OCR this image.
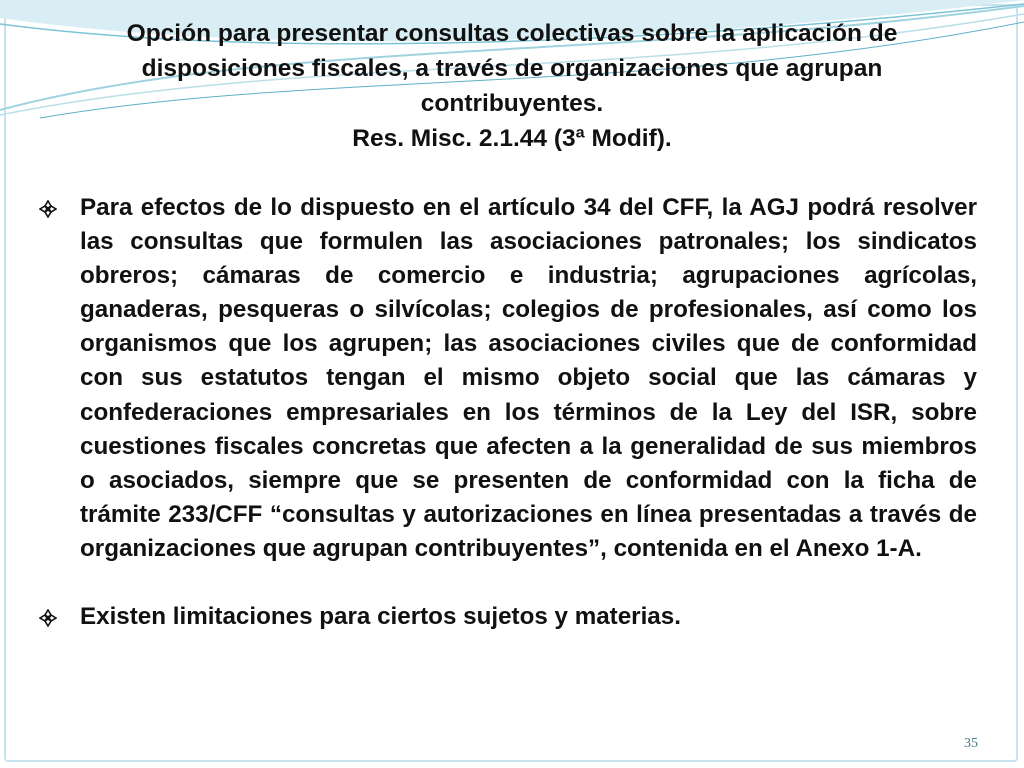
Opción para presentar consultas colectivas sobre la aplicación de
disposiciones fiscales, a través de organizaciones que agrupan
contribuyentes.
Res. Misc. 2.1.44 (3ª Modif).
Para efectos de lo dispuesto en el artículo 34 del CFF, la AGJ podrá resolver las consultas que formulen las asociaciones patronales; los sindicatos obreros; cámaras de comercio e industria; agrupaciones agrícolas, ganaderas, pesqueras o silvícolas; colegios de profesionales, así como los organismos que los agrupen; las asociaciones civiles que de conformidad con sus estatutos tengan el mismo objeto social que las cámaras y confederaciones empresariales en los términos de la Ley del ISR, sobre cuestiones fiscales concretas que afecten a la generalidad de sus miembros o asociados, siempre que se presenten de conformidad con la ficha de trámite 233/CFF “consultas y autorizaciones en línea presentadas a través de organizaciones que agrupan contribuyentes”, contenida en el Anexo 1-A.
Existen limitaciones para ciertos sujetos y materias.
35
